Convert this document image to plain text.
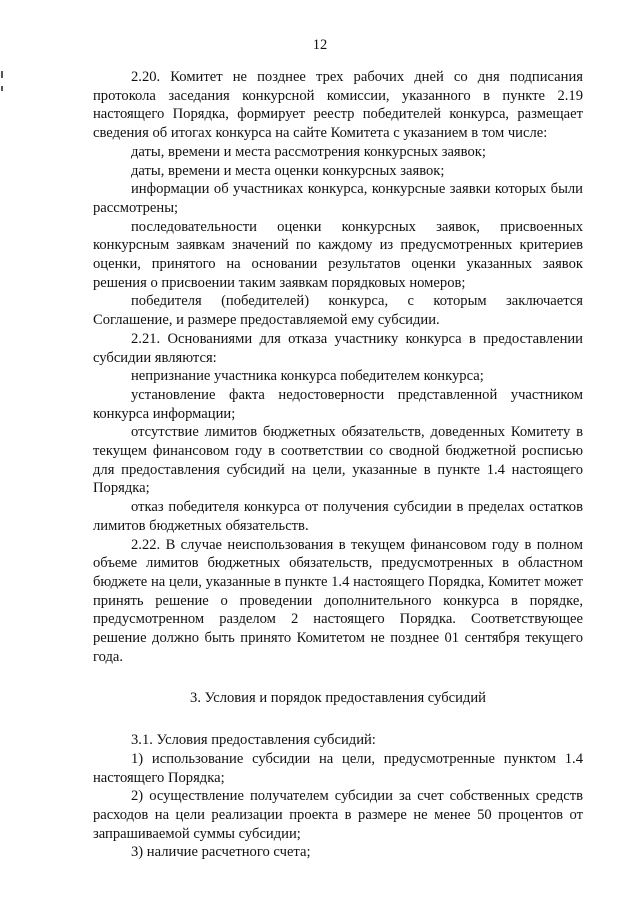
12

2.20. Комитет не позднее трех рабочих дней со дня подписания протокола заседания конкурсной комиссии, указанного в пункте 2.19 настоящего Порядка, формирует реестр победителей конкурса, размещает сведения об итогах конкурса на сайте Комитета с указанием в том числе:

даты, времени и места рассмотрения конкурсных заявок;

даты, времени и места оценки конкурсных заявок;

информации об участниках конкурса, конкурсные заявки которых были рассмотрены;

последовательности оценки конкурсных заявок, присвоенных конкурсным заявкам значений по каждому из предусмотренных критериев оценки, принятого на основании результатов оценки указанных заявок решения о присвоении таким заявкам порядковых номеров;

победителя (победителей) конкурса, с которым заключается Соглашение, и размере предоставляемой ему субсидии.

2.21. Основаниями для отказа участнику конкурса в предоставлении субсидии являются:

непризнание участника конкурса победителем конкурса;

установление факта недостоверности представленной участником конкурса информации;

отсутствие лимитов бюджетных обязательств, доведенных Комитету в текущем финансовом году в соответствии со сводной бюджетной росписью для предоставления субсидий на цели, указанные в пункте 1.4 настоящего Порядка;

отказ победителя конкурса от получения субсидии в пределах остатков лимитов бюджетных обязательств.

2.22. В случае неиспользования в текущем финансовом году в полном объеме лимитов бюджетных обязательств, предусмотренных в областном бюджете на цели, указанные в пункте 1.4 настоящего Порядка, Комитет может принять решение о проведении дополнительного конкурса в порядке, предусмотренном разделом 2 настоящего Порядка. Соответствующее решение должно быть принято Комитетом не позднее 01 сентября текущего года.

3. Условия и порядок предоставления субсидий

3.1. Условия предоставления субсидий:

1) использование субсидии на цели, предусмотренные пунктом 1.4 настоящего Порядка;

2) осуществление получателем субсидии за счет собственных средств расходов на цели реализации проекта в размере не менее 50 процентов от запрашиваемой суммы субсидии;

3) наличие расчетного счета;
